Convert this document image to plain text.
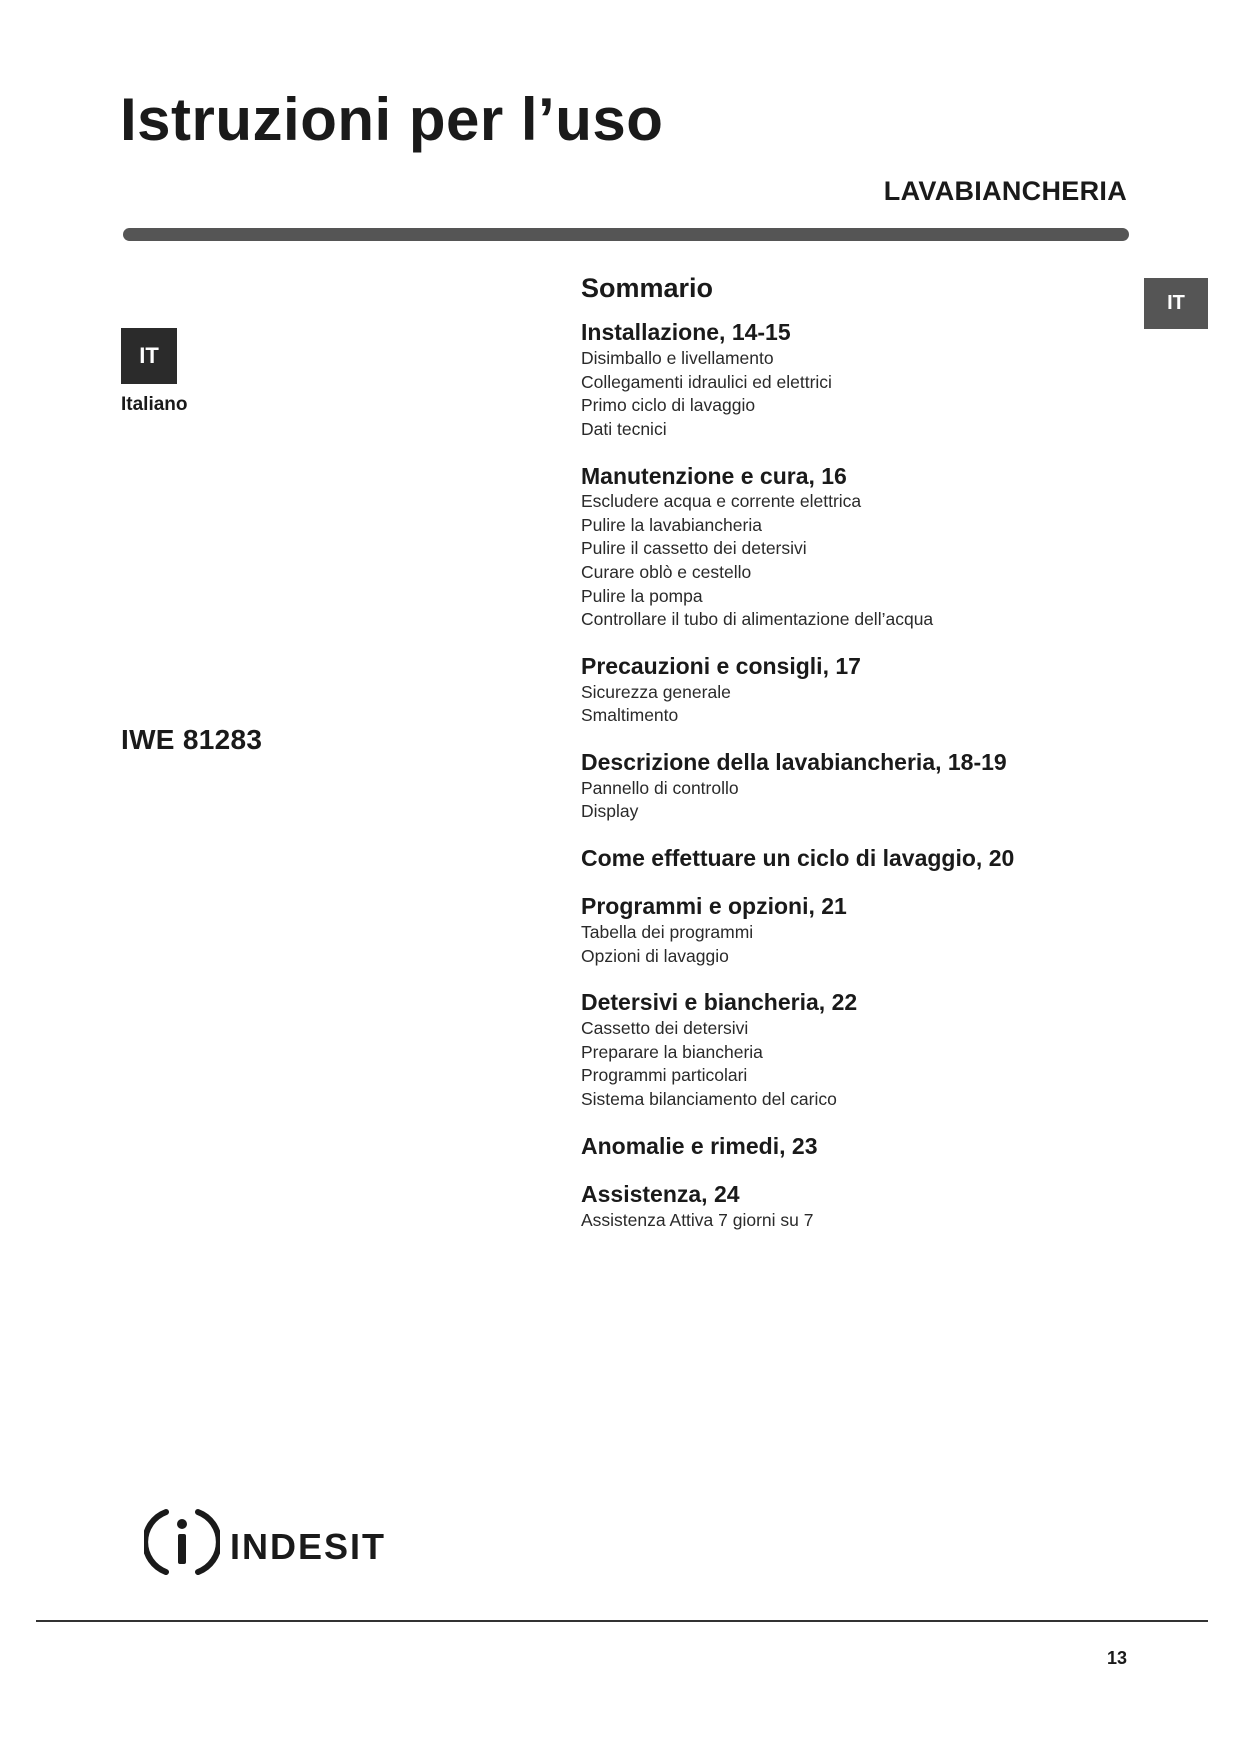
Istruzioni per l’uso
LAVABIANCHERIA
IT
Italiano
IT
IWE 81283
Sommario
Installazione, 14-15
Disimballo e livellamento
Collegamenti idraulici ed elettrici
Primo ciclo di lavaggio
Dati tecnici
Manutenzione e cura, 16
Escludere acqua e corrente elettrica
Pulire la lavabiancheria
Pulire il cassetto dei detersivi
Curare oblò e cestello
Pulire la pompa
Controllare il tubo di alimentazione dell’acqua
Precauzioni e consigli, 17
Sicurezza generale
Smaltimento
Descrizione della lavabiancheria, 18-19
Pannello di controllo
Display
Come effettuare un ciclo di lavaggio, 20
Programmi e opzioni, 21
Tabella dei programmi
Opzioni di lavaggio
Detersivi e biancheria, 22
Cassetto dei detersivi
Preparare la biancheria
Programmi particolari
Sistema bilanciamento del carico
Anomalie e rimedi, 23
Assistenza, 24
Assistenza Attiva 7 giorni su 7
indesit
13
